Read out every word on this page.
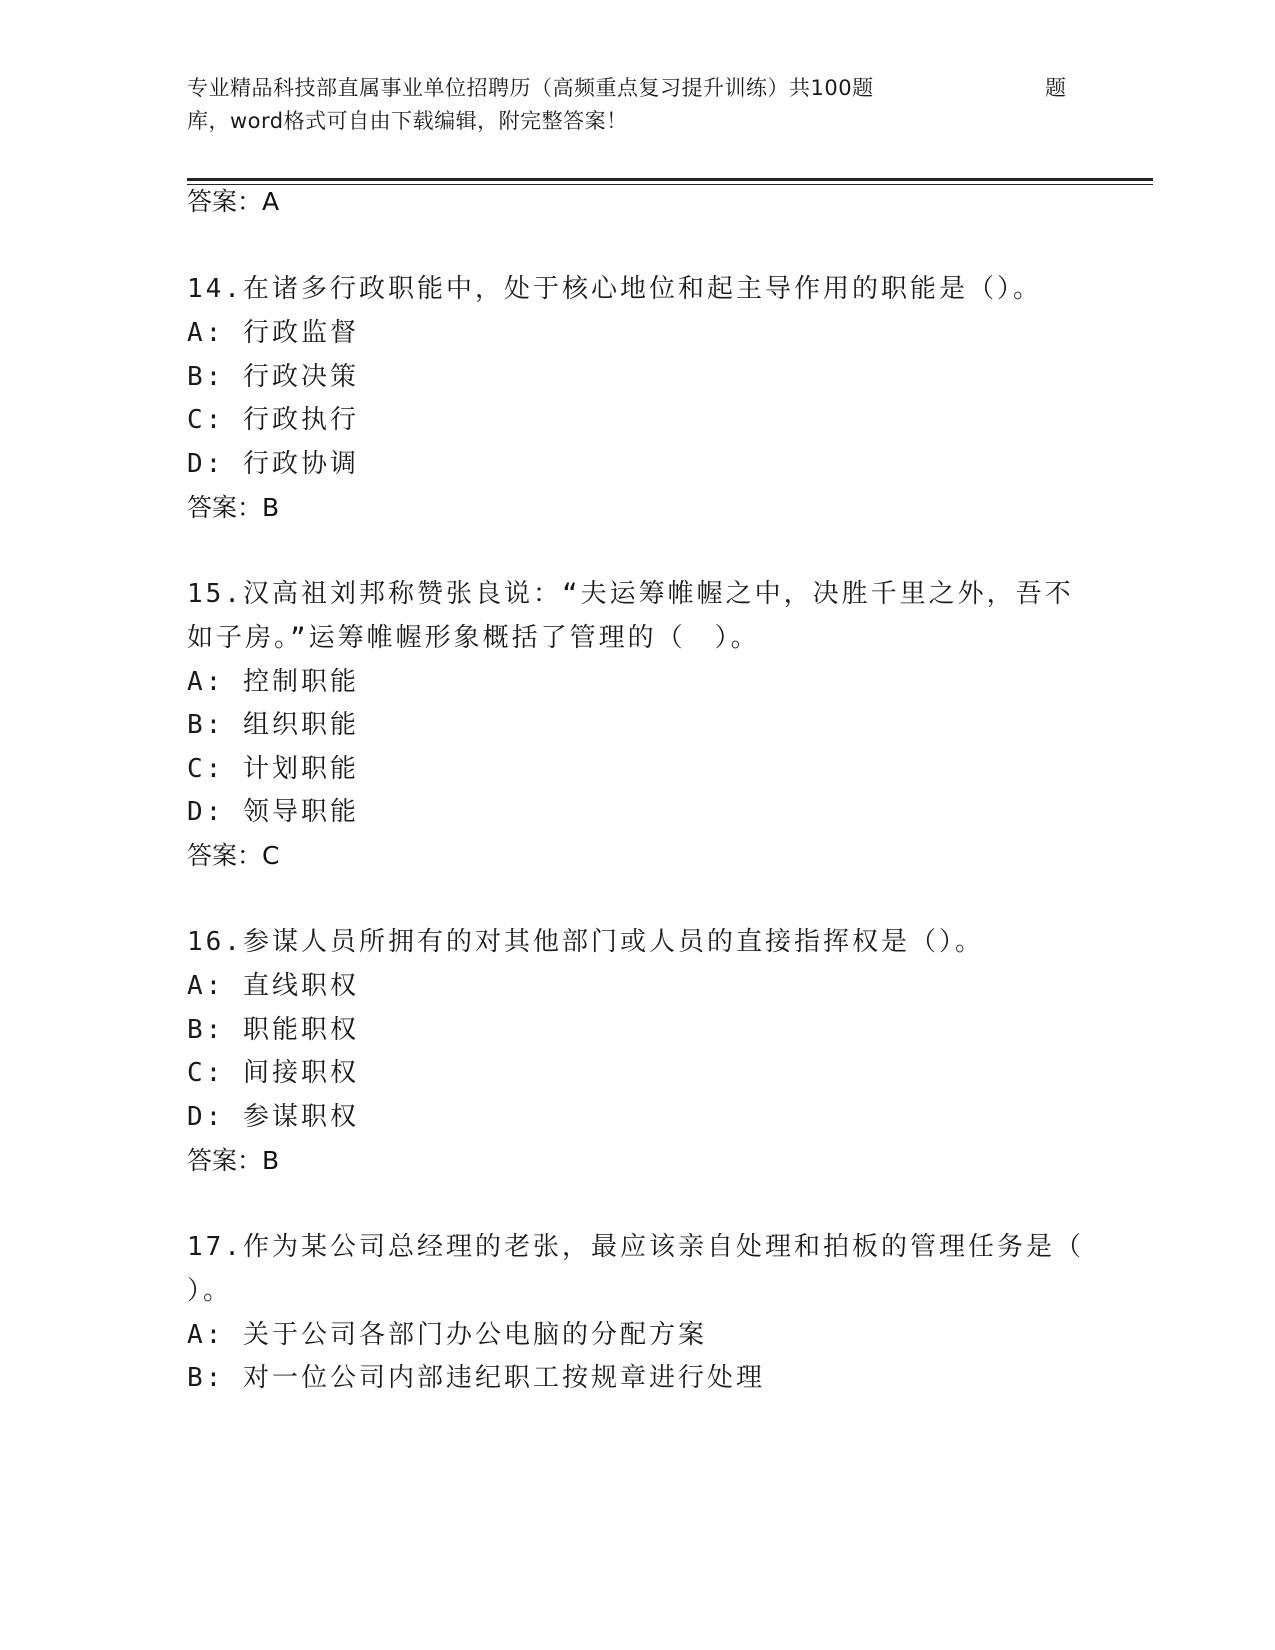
专业精品科技部直属事业单位招聘历（高频重点复习提升训练）共100题	题
库，word格式可自由下载编辑，附完整答案！
答案：A
14.在诸多行政职能中，处于核心地位和起主导作用的职能是（）。
A: 行政监督
B: 行政决策
C: 行政执行
D: 行政协调
答案：B
15.汉高祖刘邦称赞张良说：“夫运筹帷幄之中，决胜千里之外，吾不
如子房。”运筹帷幄形象概括了管理的（　）。
A: 控制职能
B: 组织职能
C: 计划职能
D: 领导职能
答案：C
16.参谋人员所拥有的对其他部门或人员的直接指挥权是（）。
A: 直线职权
B: 职能职权
C: 间接职权
D: 参谋职权
答案：B
17.作为某公司总经理的老张，最应该亲自处理和拍板的管理任务是（
）。
A: 关于公司各部门办公电脑的分配方案
B: 对一位公司内部违纪职工按规章进行处理
